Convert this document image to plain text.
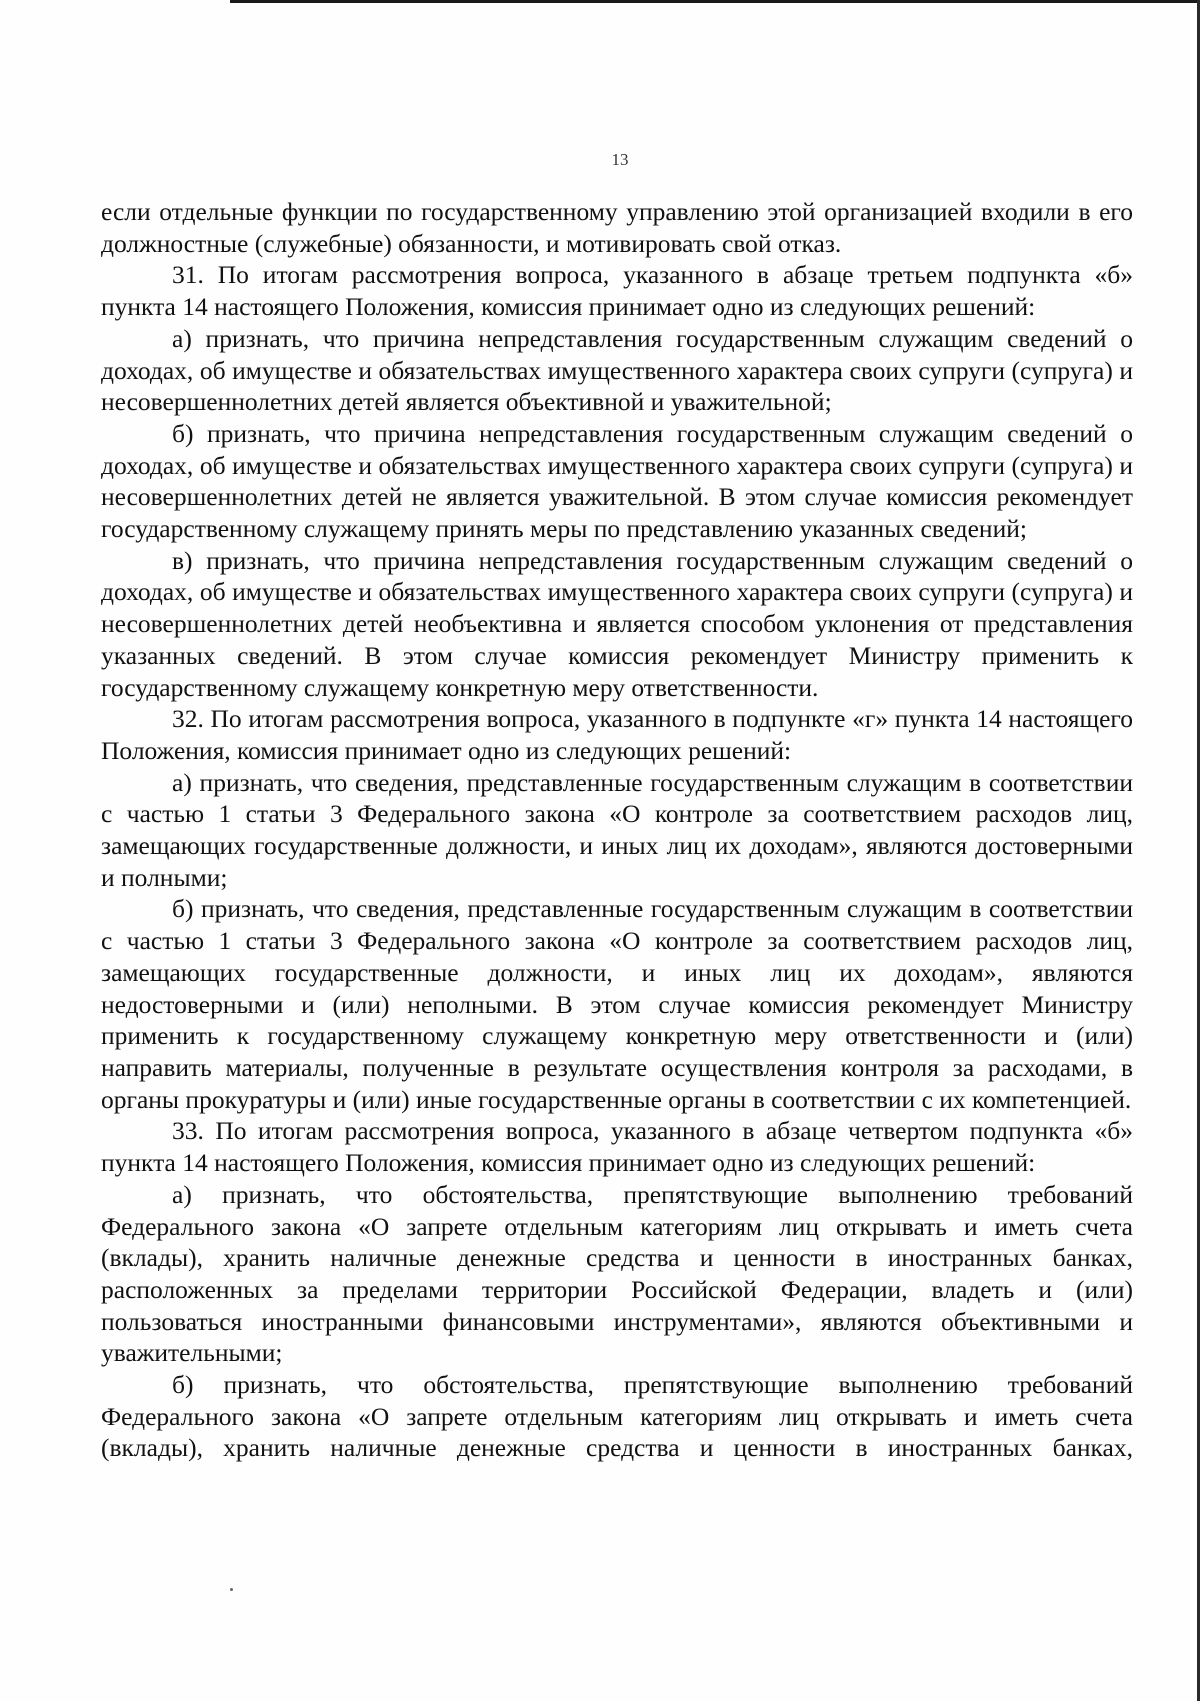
13

если отдельные функции по государственному управлению этой организацией входили в его должностные (служебные) обязанности, и мотивировать свой отказ.

31. По итогам рассмотрения вопроса, указанного в абзаце третьем подпункта «б» пункта 14 настоящего Положения, комиссия принимает одно из следующих решений:

а) признать, что причина непредставления государственным служащим сведений о доходах, об имуществе и обязательствах имущественного характера своих супруги (супруга) и несовершеннолетних детей является объективной и уважительной;

б) признать, что причина непредставления государственным служащим сведений о доходах, об имуществе и обязательствах имущественного характера своих супруги (супруга) и несовершеннолетних детей не является уважительной. В этом случае комиссия рекомендует государственному служащему принять меры по представлению указанных сведений;

в) признать, что причина непредставления государственным служащим сведений о доходах, об имуществе и обязательствах имущественного характера своих супруги (супруга) и несовершеннолетних детей необъективна и является способом уклонения от представления указанных сведений. В этом случае комиссия рекомендует Министру применить к государственному служащему конкретную меру ответственности.

32. По итогам рассмотрения вопроса, указанного в подпункте «г» пункта 14 настоящего Положения, комиссия принимает одно из следующих решений:

а) признать, что сведения, представленные государственным служащим в соответствии с частью 1 статьи 3 Федерального закона «О контроле за соответствием расходов лиц, замещающих государственные должности, и иных лиц их доходам», являются достоверными и полными;

б) признать, что сведения, представленные государственным служащим в соответствии с частью 1 статьи 3 Федерального закона «О контроле за соответствием расходов лиц, замещающих государственные должности, и иных лиц их доходам», являются недостоверными и (или) неполными. В этом случае комиссия рекомендует Министру применить к государственному служащему конкретную меру ответственности и (или) направить материалы, полученные в результате осуществления контроля за расходами, в органы прокуратуры и (или) иные государственные органы в соответствии с их компетенцией.

33. По итогам рассмотрения вопроса, указанного в абзаце четвертом подпункта «б» пункта 14 настоящего Положения, комиссия принимает одно из следующих решений:

а) признать, что обстоятельства, препятствующие выполнению требований Федерального закона «О запрете отдельным категориям лиц открывать и иметь счета (вклады), хранить наличные денежные средства и ценности в иностранных банках, расположенных за пределами территории Российской Федерации, владеть и (или) пользоваться иностранными финансовыми инструментами», являются объективными и уважительными;

б) признать, что обстоятельства, препятствующие выполнению требований Федерального закона «О запрете отдельным категориям лиц открывать и иметь счета (вклады), хранить наличные денежные средства и ценности в иностранных банках,
